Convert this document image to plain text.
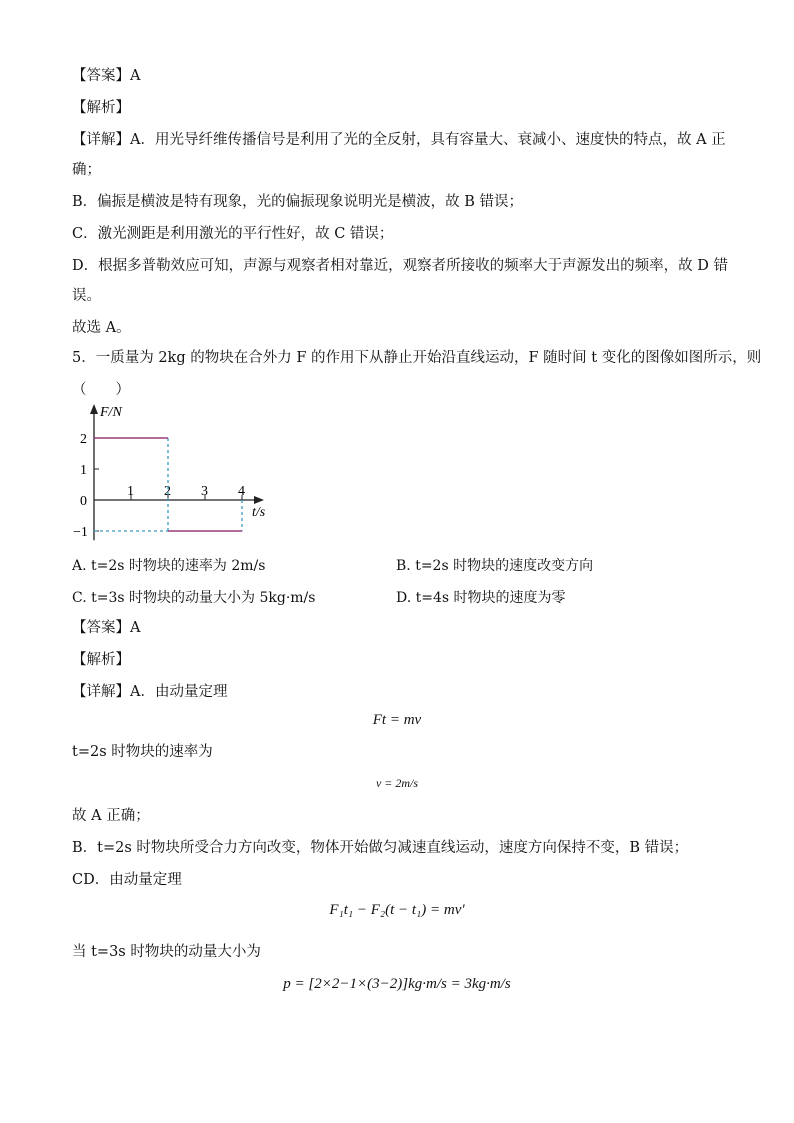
【答案】A
【解析】
【详解】A．用光导纤维传播信号是利用了光的全反射，具有容量大、衰减小、速度快的特点，故 A 正
确；
B．偏振是横波是特有现象，光的偏振现象说明光是横波，故 B 错误；
C．激光测距是利用激光的平行性好，故 C 错误；
D．根据多普勒效应可知，声源与观察者相对靠近，观察者所接收的频率大于声源发出的频率，故 D 错
误。
故选 A。
5．一质量为 2kg 的物块在合外力 F 的作用下从静止开始沿直线运动，F 随时间 t 变化的图像如图所示，则
（　　）
F/N
t/s
1 2 3 4
2
1
0
−1
A. t=2s 时物块的速率为 2m/s	B. t=2s 时物块的速度改变方向
C. t=3s 时物块的动量大小为 5kg·m/s	D. t=4s 时物块的速度为零
【答案】A
【解析】
【详解】A．由动量定理
Ft = mv
t=2s 时物块的速率为
v = 2m/s
故 A 正确；
B．t=2s 时物块所受合力方向改变，物体开始做匀减速直线运动，速度方向保持不变，B 错误；
CD．由动量定理
F₁t₁ − F₂(t − t₁) = mv′
当 t=3s 时物块的动量大小为
p = [2×2−1×(3−2)]kg·m/s = 3kg·m/s
